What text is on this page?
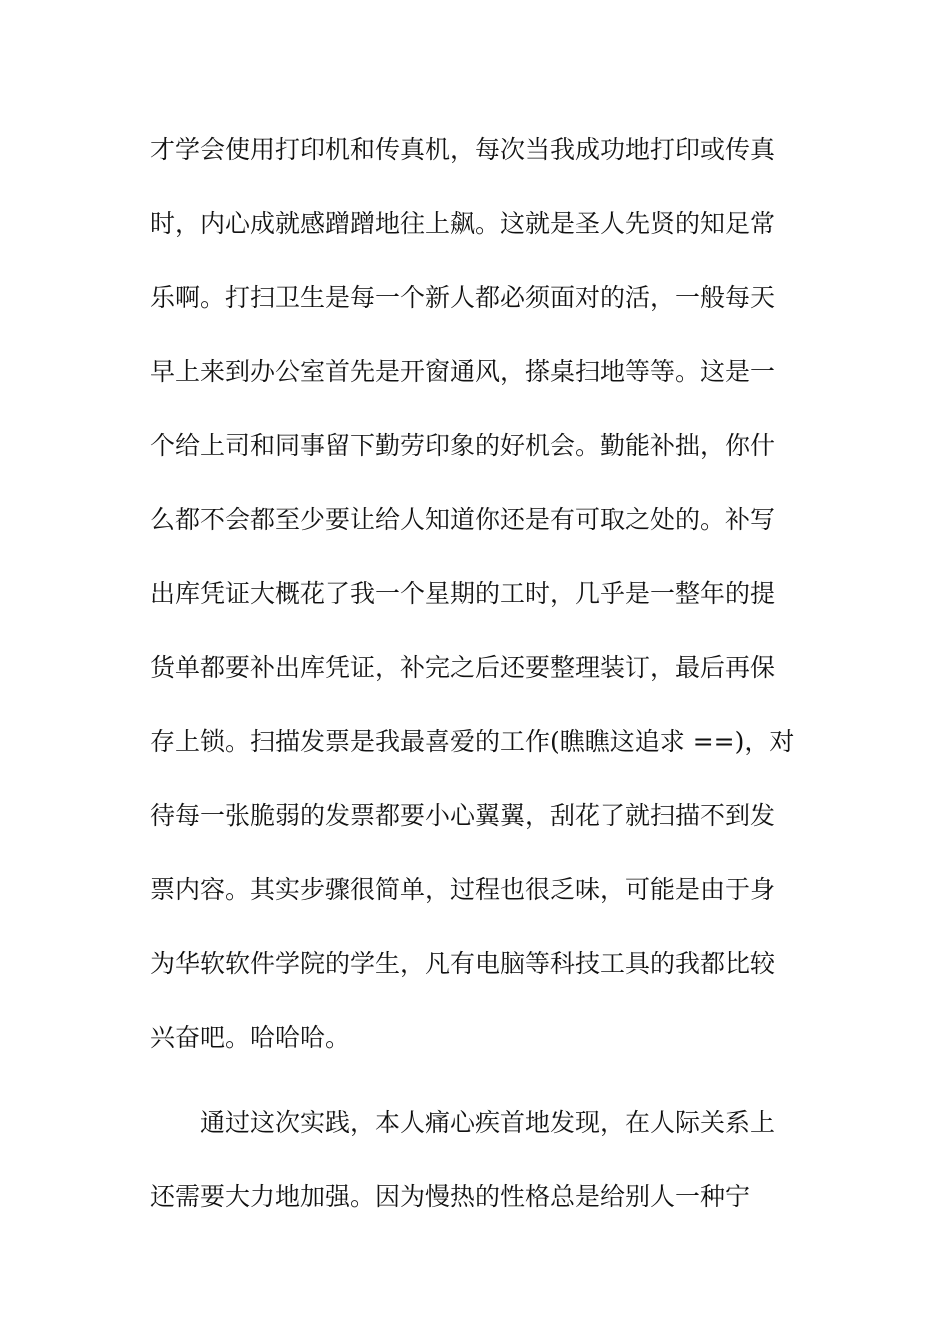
才学会使用打印机和传真机，每次当我成功地打印或传真
时，内心成就感蹭蹭地往上飙。这就是圣人先贤的知足常
乐啊。打扫卫生是每一个新人都必须面对的活，一般每天
早上来到办公室首先是开窗通风，搽桌扫地等等。这是一
个给上司和同事留下勤劳印象的好机会。勤能补拙，你什
么都不会都至少要让给人知道你还是有可取之处的。补写
出库凭证大概花了我一个星期的工时，几乎是一整年的提
货单都要补出库凭证，补完之后还要整理装订，最后再保
存上锁。扫描发票是我最喜爱的工作(瞧瞧这追求 ==)，对
待每一张脆弱的发票都要小心翼翼，刮花了就扫描不到发
票内容。其实步骤很简单，过程也很乏味，可能是由于身
为华软软件学院的学生，凡有电脑等科技工具的我都比较
兴奋吧。哈哈哈。
通过这次实践，本人痛心疾首地发现，在人际关系上
还需要大力地加强。因为慢热的性格总是给别人一种宁
